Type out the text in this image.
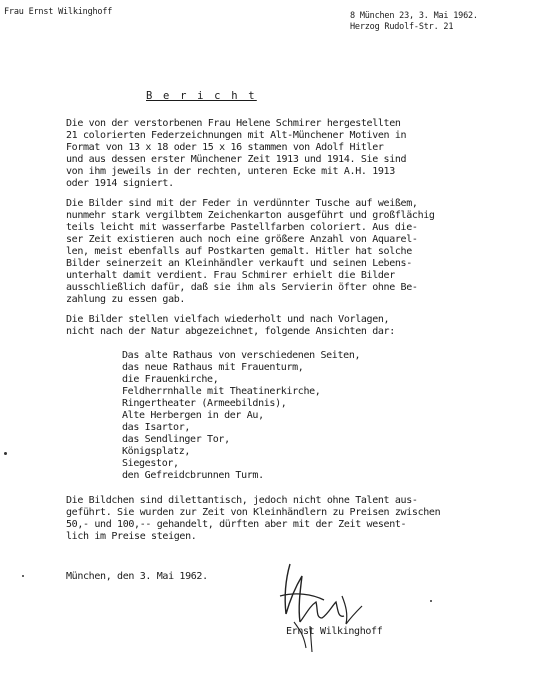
Frau Ernst Wilkinghoff	8 München 23, 3. Mai 1962.
Herzog Rudolf-Str. 21
B e r i c h t
Die von der verstorbenen Frau Helene Schmirer hergestellten
21 colorierten Federzeichnungen mit Alt-Münchener Motiven in
Format von 13 x 18 oder 15 x 16 stammen von Adolf Hitler
und aus dessen erster Münchener Zeit 1913 und 1914. Sie sind
von ihm jeweils in der rechten, unteren Ecke mit A.H. 1913
oder 1914 signiert.
Die Bilder sind mit der Feder in verdünnter Tusche auf weißem,
nunmehr stark vergilbtem Zeichenkarton ausgeführt und großflächig
teils leicht mit wasserfarbe Pastellfarben coloriert. Aus die-
ser Zeit existieren auch noch eine größere Anzahl von Aquarel-
len, meist ebenfalls auf Postkarten gemalt. Hitler hat solche
Bilder seinerzeit an Kleinhändler verkauft und seinen Lebens-
unterhalt damit verdient. Frau Schmirer erhielt die Bilder
ausschließlich dafür, daß sie ihm als Servierin öfter ohne Be-
zahlung zu essen gab.
Die Bilder stellen vielfach wiederholt und nach Vorlagen,
nicht nach der Natur abgezeichnet, folgende Ansichten dar:
Das alte Rathaus von verschiedenen Seiten,
das neue Rathaus mit Frauenturm,
die Frauenkirche,
Feldherrnhalle mit Theatinerkirche,
Ringertheater (Armeebildnis),
Alte Herbergen in der Au,
das Isartor,
das Sendlinger Tor,
Königsplatz,
Siegestor,
den Gefreidcbrunnen Turm.
Die Bildchen sind dilettantisch, jedoch nicht ohne Talent aus-
geführt. Sie wurden zur Zeit von Kleinhändlern zu Preisen zwischen
50,- und 100,-- gehandelt, dürften aber mit der Zeit wesent-
lich im Preise steigen.
München, den 3. Mai 1962.
Ernst Wilkinghoff
